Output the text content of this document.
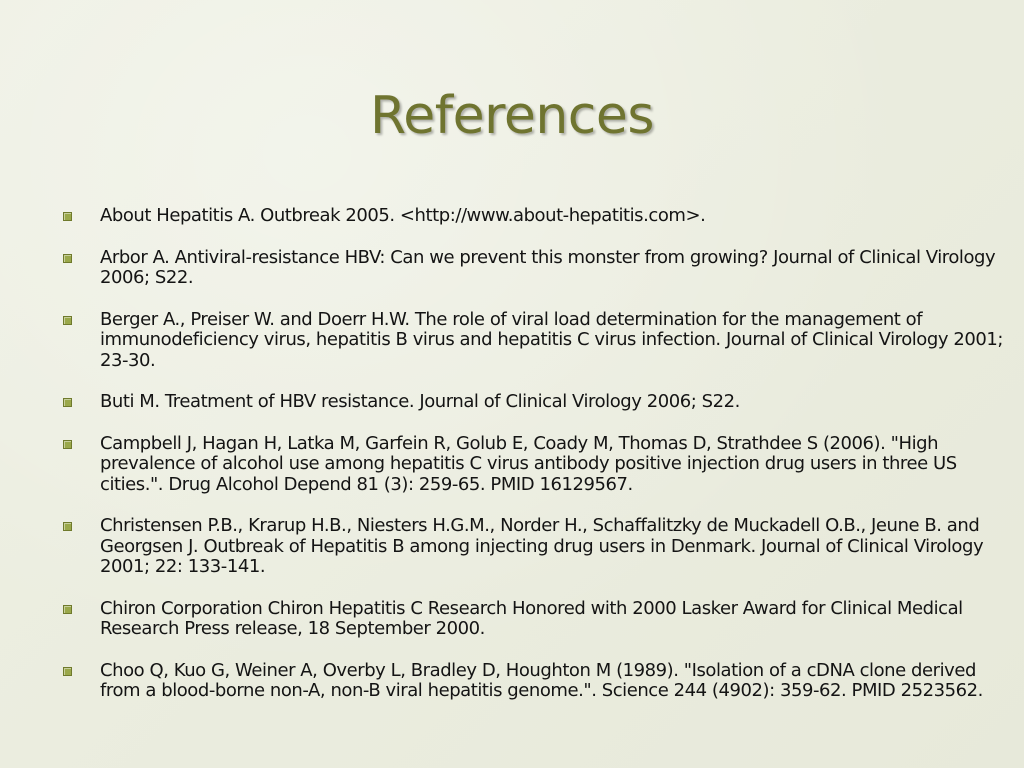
References
About Hepatitis A. Outbreak 2005. <http://www.about-hepatitis.com>.
Arbor A. Antiviral-resistance HBV: Can we prevent this monster from growing? Journal of Clinical Virology 2006; S22.
Berger A., Preiser W. and Doerr H.W. The role of viral load determination for the management of immunodeficiency virus, hepatitis B virus and hepatitis C virus infection. Journal of Clinical Virology 2001; 23-30.
Buti M. Treatment of HBV resistance. Journal of Clinical Virology 2006; S22.
Campbell J, Hagan H, Latka M, Garfein R, Golub E, Coady M, Thomas D, Strathdee S (2006). "High prevalence of alcohol use among hepatitis C virus antibody positive injection drug users in three US cities.". Drug Alcohol Depend 81 (3): 259-65. PMID 16129567.
Christensen P.B., Krarup H.B., Niesters H.G.M., Norder H., Schaffalitzky de Muckadell O.B., Jeune B. and Georgsen J. Outbreak of Hepatitis B among injecting drug users in Denmark. Journal of Clinical Virology 2001; 22: 133-141.
Chiron Corporation Chiron Hepatitis C Research Honored with 2000 Lasker Award for Clinical Medical Research Press release, 18 September 2000.
Choo Q, Kuo G, Weiner A, Overby L, Bradley D, Houghton M (1989). "Isolation of a cDNA clone derived from a blood-borne non-A, non-B viral hepatitis genome.". Science 244 (4902): 359-62. PMID 2523562.
